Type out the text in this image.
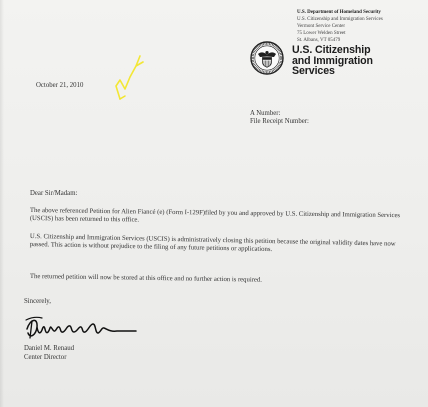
U.S. Department of Homeland Security
U.S. Citizenship and Immigration Services
Vermont Service Center
75 Lower Welden Street
St. Albans, VT 05479
U.S. Citizenship
and Immigration
Services
October 21, 2010
A Number:
File Receipt Number:
Dear Sir/Madam:
The above referenced Petition for Alien Fiancé (e) (Form I-129F)filed by you and approved by U.S. Citizenship and Immigration Services (USCIS) has been returned to this office.
U.S. Citizenship and Immigration Services (USCIS) is administratively closing this petition because the original validity dates have now passed. This action is without prejudice to the filing of any future petitions or applications.
The returned petition will now be stored at this office and no further action is required.
Sincerely,
Daniel M. Renaud
Center Director
